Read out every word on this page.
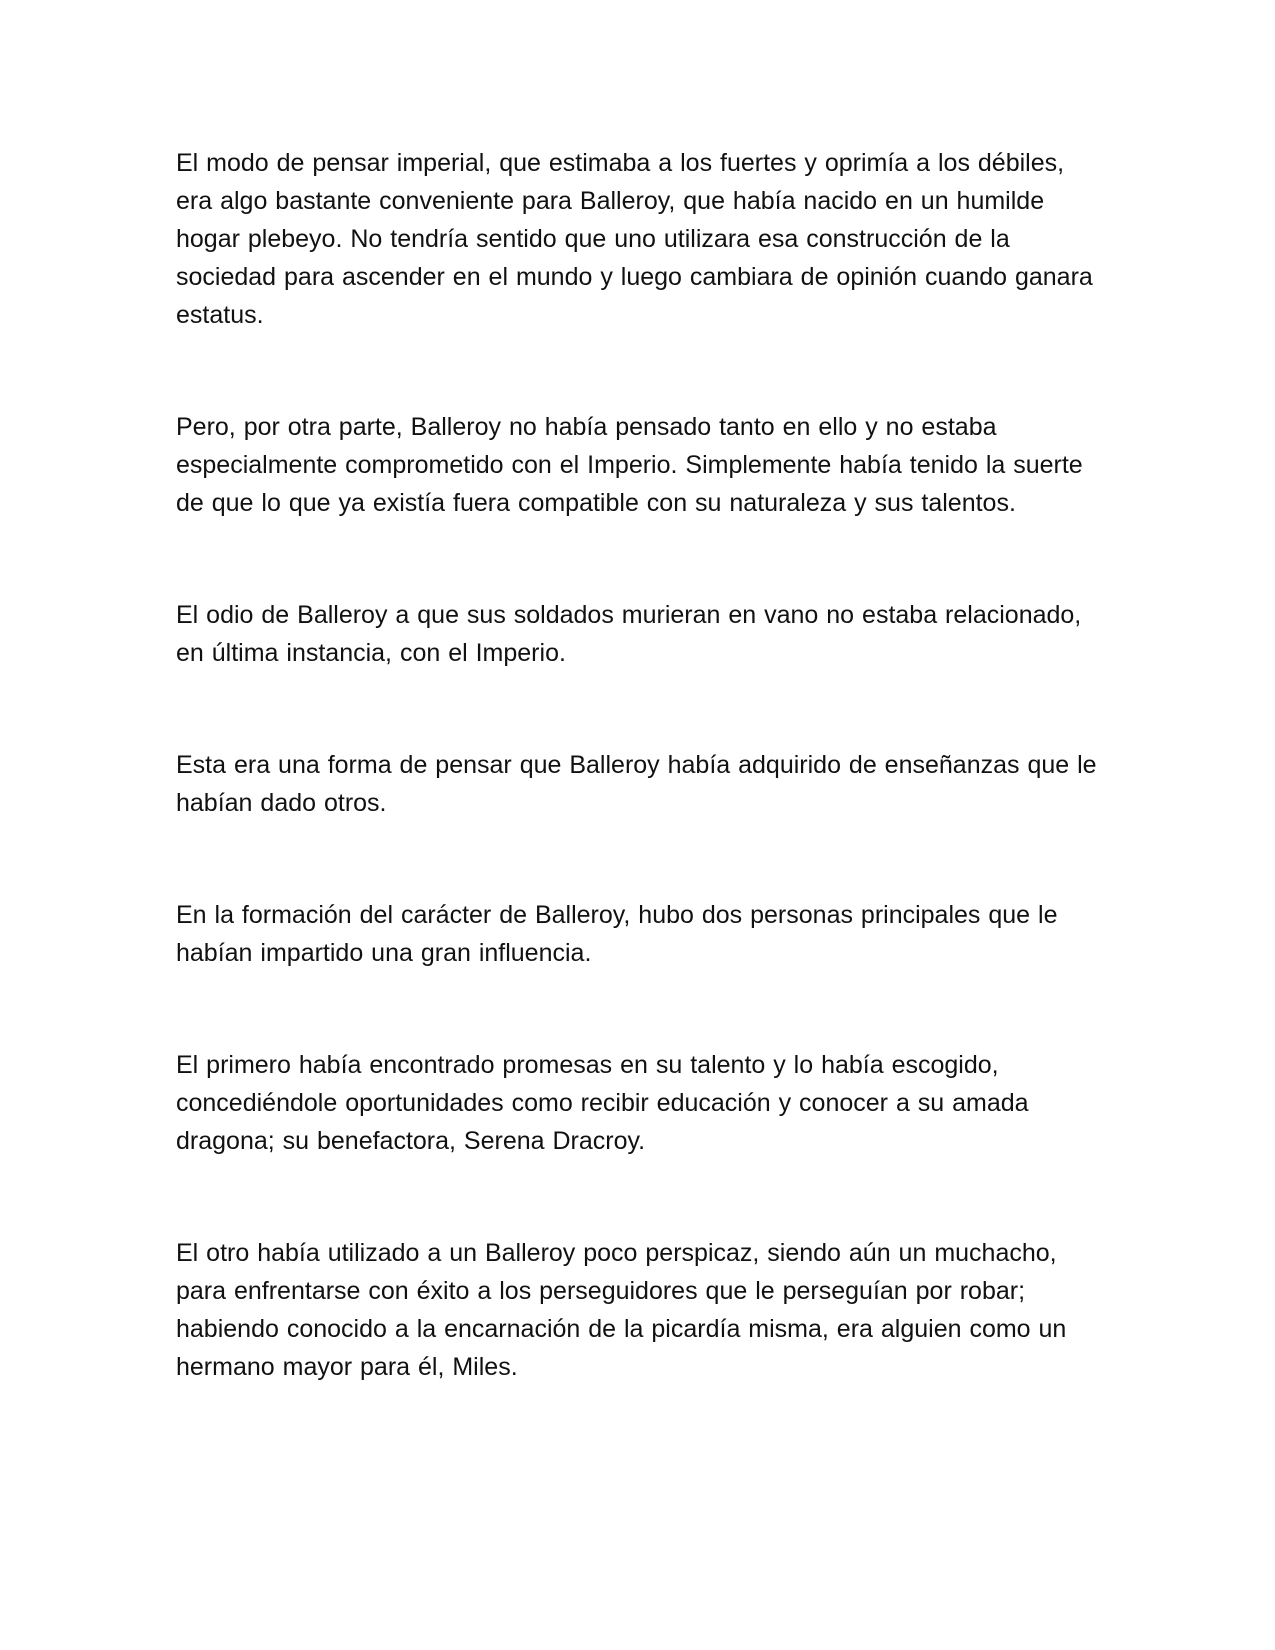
El modo de pensar imperial, que estimaba a los fuertes y oprimía a los débiles, era algo bastante conveniente para Balleroy, que había nacido en un humilde hogar plebeyo. No tendría sentido que uno utilizara esa construcción de la sociedad para ascender en el mundo y luego cambiara de opinión cuando ganara estatus.

Pero, por otra parte, Balleroy no había pensado tanto en ello y no estaba especialmente comprometido con el Imperio. Simplemente había tenido la suerte de que lo que ya existía fuera compatible con su naturaleza y sus talentos.

El odio de Balleroy a que sus soldados murieran en vano no estaba relacionado, en última instancia, con el Imperio.

Esta era una forma de pensar que Balleroy había adquirido de enseñanzas que le habían dado otros.

En la formación del carácter de Balleroy, hubo dos personas principales que le habían impartido una gran influencia.

El primero había encontrado promesas en su talento y lo había escogido, concediéndole oportunidades como recibir educación y conocer a su amada dragona; su benefactora, Serena Dracroy.

El otro había utilizado a un Balleroy poco perspicaz, siendo aún un muchacho, para enfrentarse con éxito a los perseguidores que le perseguían por robar; habiendo conocido a la encarnación de la picardía misma, era alguien como un hermano mayor para él, Miles.
